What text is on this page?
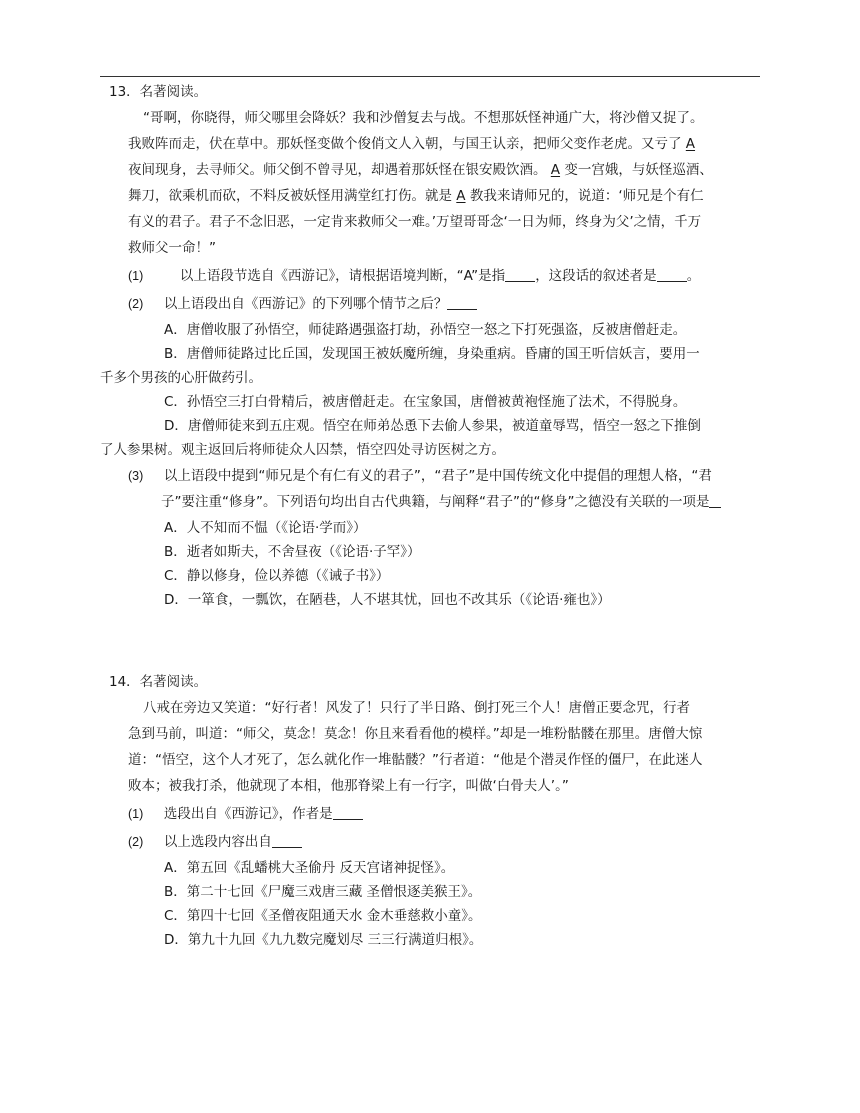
13．名著阅读。
“哥啊，你晓得，师父哪里会降妖？我和沙僧复去与战。不想那妖怪神通广大，将沙僧又捉了。
我败阵而走，伏在草中。那妖怪变做个俊俏文人入朝，与国王认亲，把师父变作老虎。又亏了 A
夜间现身，去寻师父。师父倒不曾寻见，却遇着那妖怪在银安殿饮酒。 A 变一宫娥，与妖怪巡酒、
舞刀，欲乘机而砍，不料反被妖怪用满堂红打伤。就是 A 教我来请师兄的，说道：‘师兄是个有仁
有义的君子。君子不念旧恶，一定肯来救师父一难。’万望哥哥念‘一日为师，终身为父’之情，千万
救师父一命！”
(1)	以上语段节选自《西游记》，请根据语境判断，“A”是指 ，这段话的叙述者是 。
(2) 以上语段出自《西游记》的下列哪个情节之后？
A．唐僧收服了孙悟空，师徒路遇强盗打劫，孙悟空一怒之下打死强盗，反被唐僧赶走。
B．唐僧师徒路过比丘国，发现国王被妖魔所缠，身染重病。昏庸的国王听信妖言，要用一
千多个男孩的心肝做药引。
C．孙悟空三打白骨精后，被唐僧赶走。在宝象国，唐僧被黄袍怪施了法术，不得脱身。
D．唐僧师徒来到五庄观。悟空在师弟怂恿下去偷人参果，被道童辱骂，悟空一怒之下推倒
了人参果树。观主返回后将师徒众人囚禁，悟空四处寻访医树之方。
(3) 以上语段中提到“师兄是个有仁有义的君子”，“君子”是中国传统文化中提倡的理想人格，“君
子”要注重“修身”。下列语句均出自古代典籍，与阐释“君子”的“修身”之德没有关联的一项是
A．人不知而不愠（《论语·学而》）
B．逝者如斯夫，不舍昼夜（《论语·子罕》）
C．静以修身，俭以养德（《诫子书》）
D．一箪食，一瓢饮，在陋巷，人不堪其忧，回也不改其乐（《论语·雍也》）
14．名著阅读。
八戒在旁边又笑道：“好行者！风发了！只行了半日路、倒打死三个人！唐僧正要念咒，行者
急到马前，叫道：“师父，莫念！莫念！你且来看看他的模样。”却是一堆粉骷髅在那里。唐僧大惊
道：“悟空，这个人才死了，怎么就化作一堆骷髅？”行者道：“他是个潜灵作怪的僵尸，在此迷人
败本；被我打杀，他就现了本相，他那脊梁上有一行字，叫做‘白骨夫人’。”
(1) 选段出自《西游记》，作者是
(2) 以上选段内容出自
A．第五回《乱蟠桃大圣偷丹 反天宫诸神捉怪》。
B．第二十七回《尸魔三戏唐三藏 圣僧恨逐美猴王》。
C．第四十七回《圣僧夜阻通天水 金木垂慈救小童》。
D．第九十九回《九九数完魔划尽 三三行满道归根》。
